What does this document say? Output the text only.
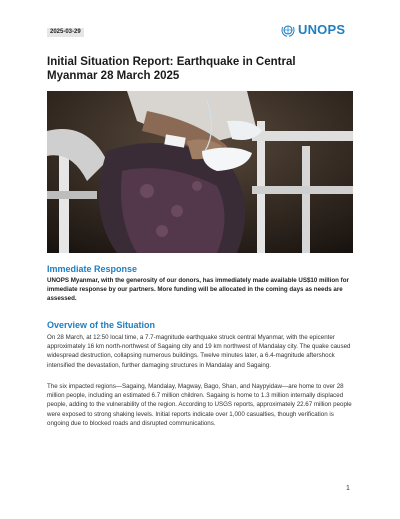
2025-03-29	UNOPS
Initial Situation Report: Earthquake in Central Myanmar 28 March 2025
Immediate Response

UNOPS Myanmar, with the generosity of our donors, has immediately made available US$10 million for immediate response by our partners. More funding will be allocated in the coming days as needs are assessed.

Overview of the Situation

On 28 March, at 12:50 local time, a 7.7-magnitude earthquake struck central Myanmar, with the epicenter approximately 16 km north-northwest of Sagaing city and 19 km northwest of Mandalay city. The quake caused widespread destruction, collapsing numerous buildings. Twelve minutes later, a 6.4-magnitude aftershock intensified the devastation, further damaging structures in Mandalay and Sagaing.

The six impacted regions—Sagaing, Mandalay, Magway, Bago, Shan, and Naypyidaw—are home to over 28 million people, including an estimated 6.7 million children. Sagaing is home to 1.3 million internally displaced people, adding to the vulnerability of the region. According to USGS reports, approximately 22.67 million people were exposed to strong shaking levels. Initial reports indicate over 1,000 casualties, though verification is ongoing due to blocked roads and disrupted communications.

1
